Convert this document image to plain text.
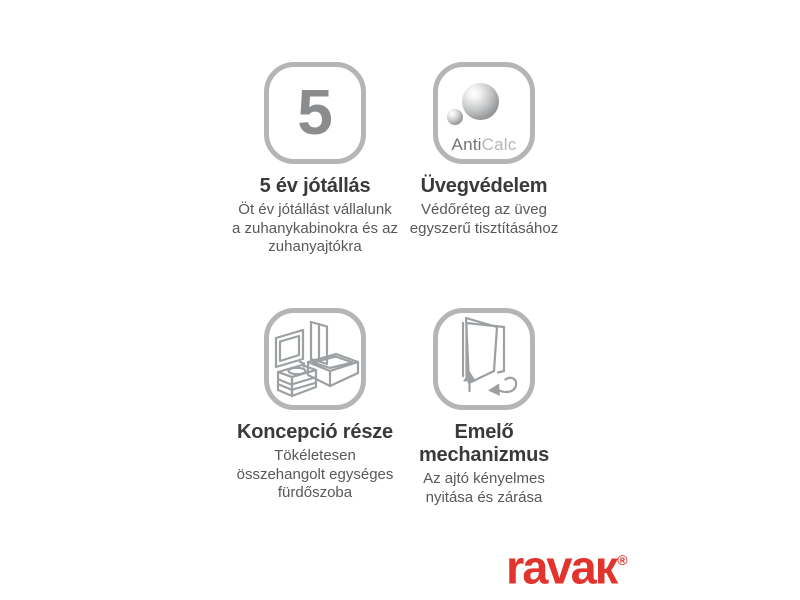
5
5 év jótállás
Öt év jótállást vállalunk
a zuhanykabinokra és az
zuhanyajtókra
AntiCalc
Üvegvédelem
Védőréteg az üveg
egyszerű tisztításához
Koncepció része
Tökéletesen
összehangolt egységes
fürdőszoba
Emelő
mechanizmus
Az ajtó kényelmes
nyitása és zárása
ravaк®
